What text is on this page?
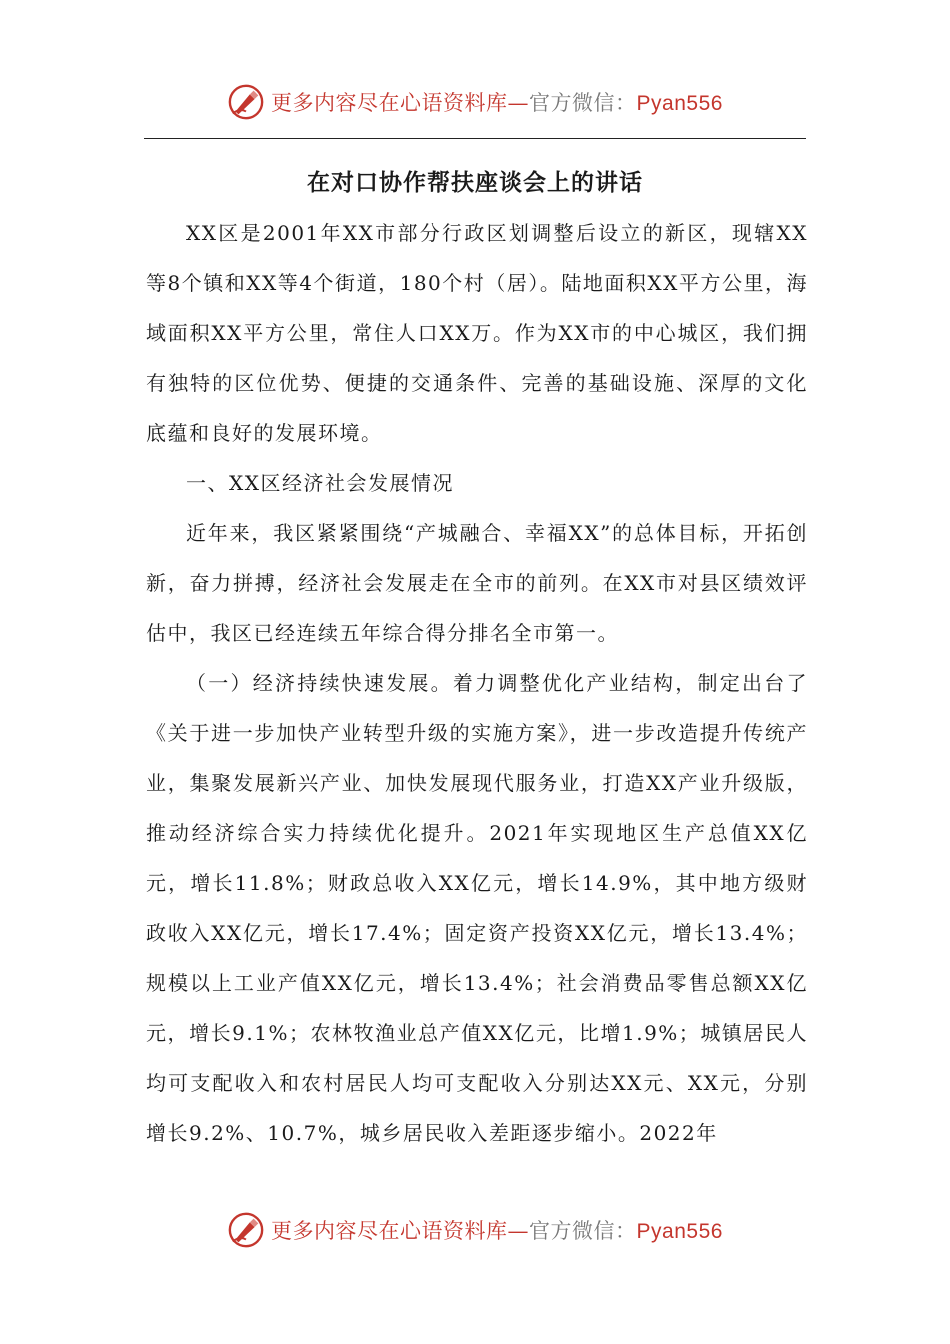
更多内容尽在心语资料库—官方微信：Pyan556
在对口协作帮扶座谈会上的讲话

XX区是2001年XX市部分行政区划调整后设立的新区，现辖XX等8个镇和XX等4个街道，180个村（居）。陆地面积XX平方公里，海域面积XX平方公里，常住人口XX万。作为XX市的中心城区，我们拥有独特的区位优势、便捷的交通条件、完善的基础设施、深厚的文化底蕴和良好的发展环境。

一、XX区经济社会发展情况

近年来，我区紧紧围绕“产城融合、幸福XX”的总体目标，开拓创新，奋力拼搏，经济社会发展走在全市的前列。在XX市对县区绩效评估中，我区已经连续五年综合得分排名全市第一。

（一）经济持续快速发展。着力调整优化产业结构，制定出台了《关于进一步加快产业转型升级的实施方案》，进一步改造提升传统产业，集聚发展新兴产业、加快发展现代服务业，打造XX产业升级版，推动经济综合实力持续优化提升。2021年实现地区生产总值XX亿元，增长11.8%；财政总收入XX亿元，增长14.9%，其中地方级财政收入XX亿元，增长17.4%；固定资产投资XX亿元，增长13.4%；规模以上工业产值XX亿元，增长13.4%；社会消费品零售总额XX亿元，增长9.1%；农林牧渔业总产值XX亿元，比增1.9%；城镇居民人均可支配收入和农村居民人均可支配收入分别达XX元、XX元，分别增长9.2%、10.7%，城乡居民收入差距逐步缩小。2022年

更多内容尽在心语资料库—官方微信：Pyan556
